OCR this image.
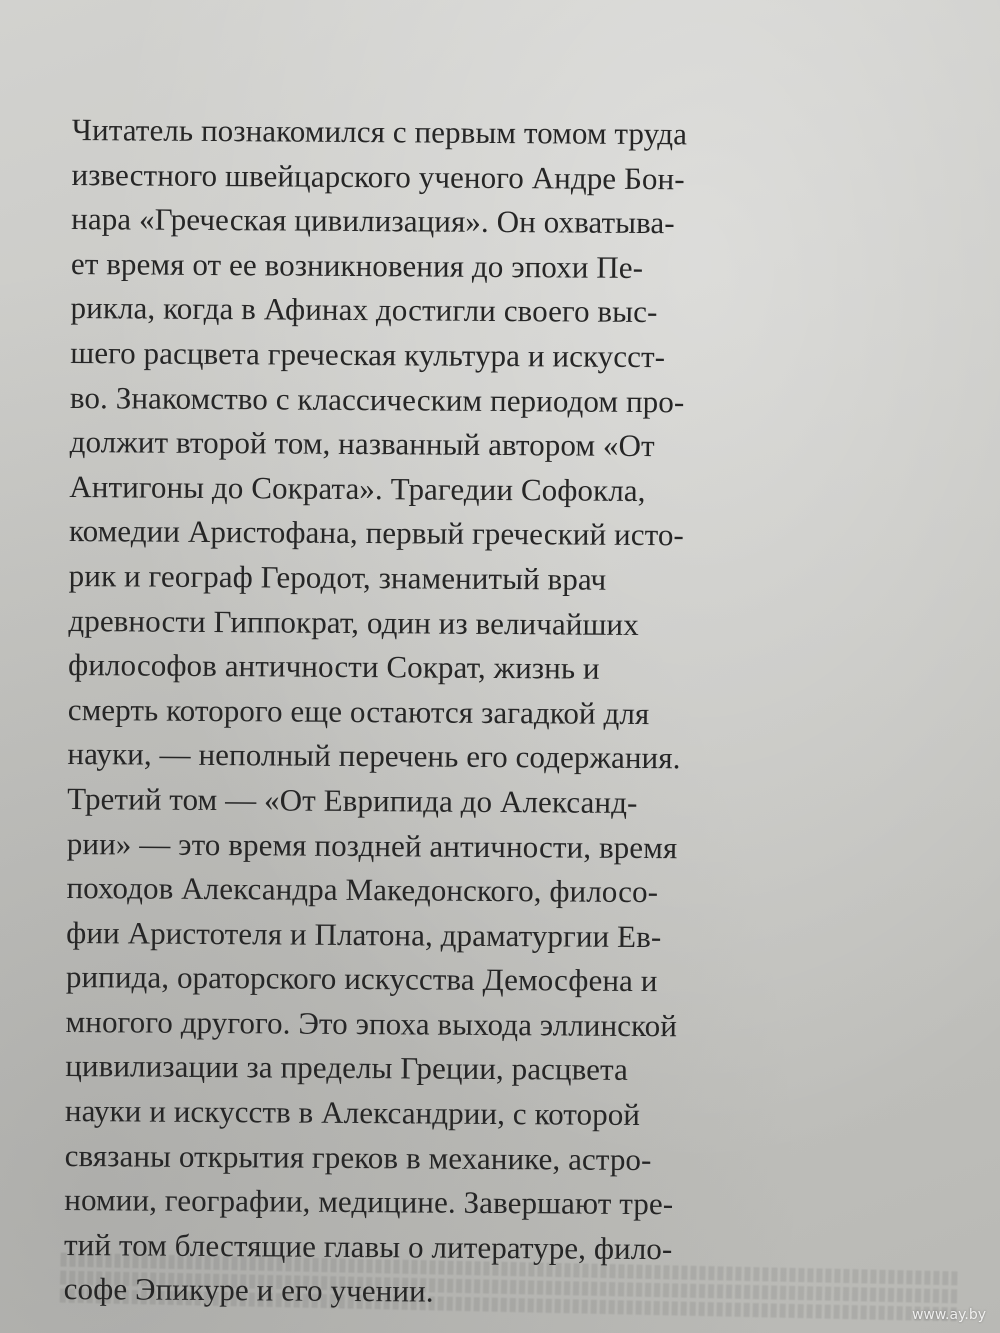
Читатель познакомился с первым томом труда
известного швейцарского ученого Андре Бон-
нара «Греческая цивилизация». Он охватыва-
ет время от ее возникновения до эпохи Пе-
рикла, когда в Афинах достигли своего выс-
шего расцвета греческая культура и искусст-
во. Знакомство с классическим периодом про-
должит второй том, названный автором «От
Антигоны до Сократа». Трагедии Софокла,
комедии Аристофана, первый греческий исто-
рик и географ Геродот, знаменитый врач
древности Гиппократ, один из величайших
философов античности Сократ, жизнь и
смерть которого еще остаются загадкой для
науки, — неполный перечень его содержания.
Третий том — «От Еврипида до Александ-
рии» — это время поздней античности, время
походов Александра Македонского, филосо-
фии Аристотеля и Платона, драматургии Ев-
рипида, ораторского искусства Демосфена и
многого другого. Это эпоха выхода эллинской
цивилизации за пределы Греции, расцвета
науки и искусств в Александрии, с которой
связаны открытия греков в механике, астро-
номии, географии, медицине. Завершают тре-
тий том блестящие главы о литературе, фило-
софе Эпикуре и его учении.
www.ay.by
